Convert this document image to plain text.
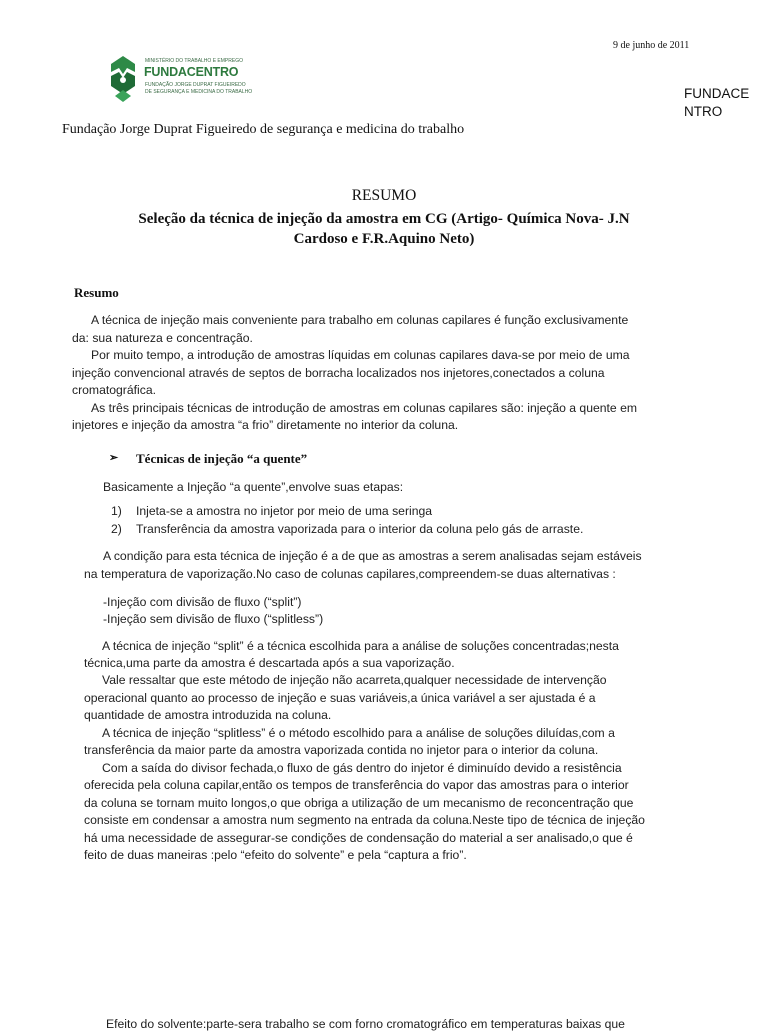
9 de junho de 2011
MINISTÉRIO DO TRABALHO E EMPREGO
FUNDACENTRO
FUNDAÇÃO JORGE DUPRAT FIGUEIREDO
DE SEGURANÇA E MEDICINA DO TRABALHO	FUNDACE
NTRO
Fundação Jorge Duprat Figueiredo de segurança e medicina do trabalho
RESUMO
Seleção da técnica de injeção da amostra em CG (Artigo- Química Nova- J.N
Cardoso e F.R.Aquino Neto)
Resumo
A técnica de injeção mais conveniente para trabalho em colunas capilares é função exclusivamente
da: sua natureza e concentração.
Por muito tempo, a introdução de amostras líquidas em colunas capilares dava-se por meio de uma
injeção convencional através de septos de borracha localizados nos injetores,conectados a coluna
cromatográfica.
As três principais técnicas de introdução de amostras em colunas capilares são: injeção a quente em
injetores e injeção da amostra “a frio” diretamente no interior da coluna.
➢ Técnicas de injeção “a quente”
Basicamente a Injeção “a quente”,envolve suas etapas:
1) Injeta-se a amostra no injetor por meio de uma seringa
2) Transferência da amostra vaporizada para o interior da coluna pelo gás de arraste.
A condição para esta técnica de injeção é a de que as amostras a serem analisadas sejam estáveis
na temperatura de vaporização.No caso de colunas capilares,compreendem-se duas alternativas :
-Injeção com divisão de fluxo (“split”)
-Injeção sem divisão de fluxo (“splitless”)
A técnica de injeção “split” é a técnica escolhida para a análise de soluções concentradas;nesta
técnica,uma parte da amostra é descartada após a sua vaporização.
Vale ressaltar que este método de injeção não acarreta,qualquer necessidade de intervenção
operacional quanto ao processo de injeção e suas variáveis,a única variável a ser ajustada é a
quantidade de amostra introduzida na coluna.
A técnica de injeção “splitless” é o método escolhido para a análise de soluções diluídas,com a
transferência da maior parte da amostra vaporizada contida no injetor para o interior da coluna.
Com a saída do divisor fechada,o fluxo de gás dentro do injetor é diminuído devido a resistência
oferecida pela coluna capilar,então os tempos de transferência do vapor das amostras para o interior
da coluna se tornam muito longos,o que obriga a utilização de um mecanismo de reconcentração que
consiste em condensar a amostra num segmento na entrada da coluna.Neste tipo de técnica de injeção
há uma necessidade de assegurar-se condições de condensação do material a ser analisado,o que é
feito de duas maneiras :pelo “efeito do solvente” e pela “captura a frio”.
Efeito do solvente:parte-sera trabalho se com forno cromatográfico em temperaturas baixas que
